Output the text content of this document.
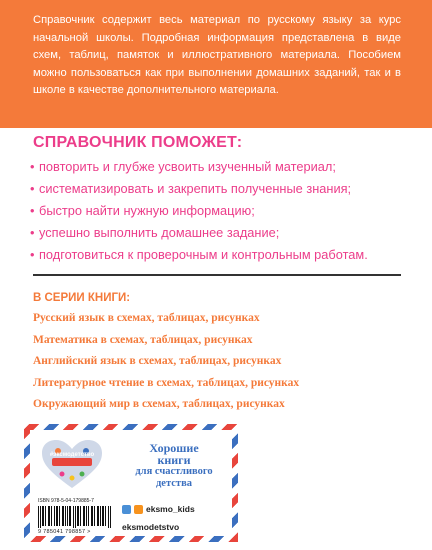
Справочник содержит весь материал по русскому языку за курс начальной школы. Подробная информация представлена в виде схем, таблиц, памяток и иллюстративного материала. Пособием можно пользоваться как при выполнении домашних заданий, так и в школе в качестве дополнительного материала.

СПРАВОЧНИК ПОМОЖЕТ:
• повторить и глубже усвоить изученный материал;
• систематизировать и закрепить полученные знания;
• быстро найти нужную информацию;
• успешно выполнить домашнее задание;
• подготовиться к проверочным и контрольным работам.
В СЕРИИ КНИГИ:
Русский язык в схемах, таблицах, рисунках
Математика в схемах, таблицах, рисунках
Английский язык в схемах, таблицах, рисунках
Литературное чтение в схемах, таблицах, рисунках
Окружающий мир в схемах, таблицах, рисунках
#эксмодетство	Хорошие
книги
для счастливого
детства

ISBN 978-5-04-179885-7

9 785041 798857 >
eksmo_kids
eksmodetstvo
